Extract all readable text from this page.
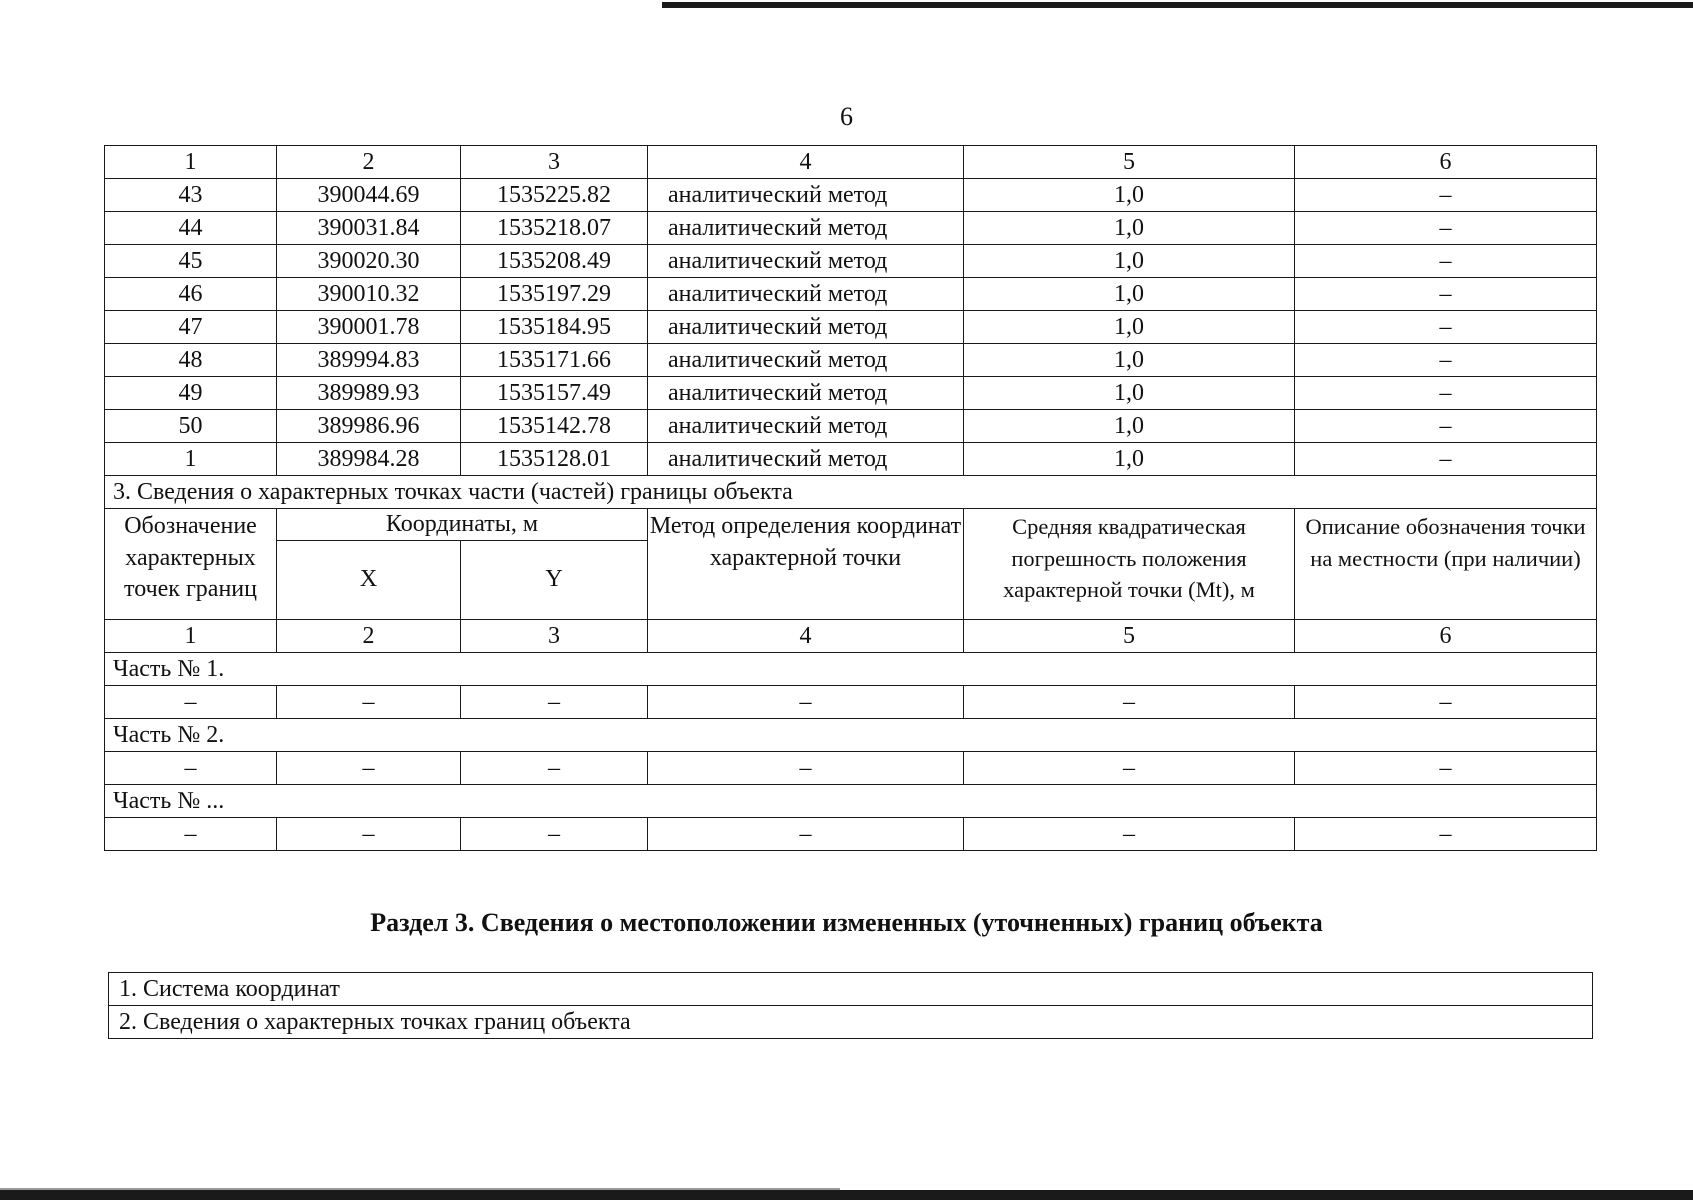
6
1	2	3	4	5	6
43	390044.69	1535225.82	аналитический метод	1,0	–
44	390031.84	1535218.07	аналитический метод	1,0	–
45	390020.30	1535208.49	аналитический метод	1,0	–
46	390010.32	1535197.29	аналитический метод	1,0	–
47	390001.78	1535184.95	аналитический метод	1,0	–
48	389994.83	1535171.66	аналитический метод	1,0	–
49	389989.93	1535157.49	аналитический метод	1,0	–
50	389986.96	1535142.78	аналитический метод	1,0	–
1	389984.28	1535128.01	аналитический метод	1,0	–
3. Сведения о характерных точках части (частей) границы объекта					
Обозначение характерных точек границ	Координаты, м		Метод определения координат характерной точки	Средняя квадратическая погрешность положения характерной точки (Mt), м	Описание обозначения точки на местности (при наличии)
	X	Y			
1	2	3	4	5	6
Часть № 1.					
–	–	–	–	–	–
Часть № 2.					
–	–	–	–	–	–
Часть № ...					
–	–	–	–	–	–
Раздел 3. Сведения о местоположении измененных (уточненных) границ объекта
1. Система координат
2. Сведения о характерных точках границ объекта
